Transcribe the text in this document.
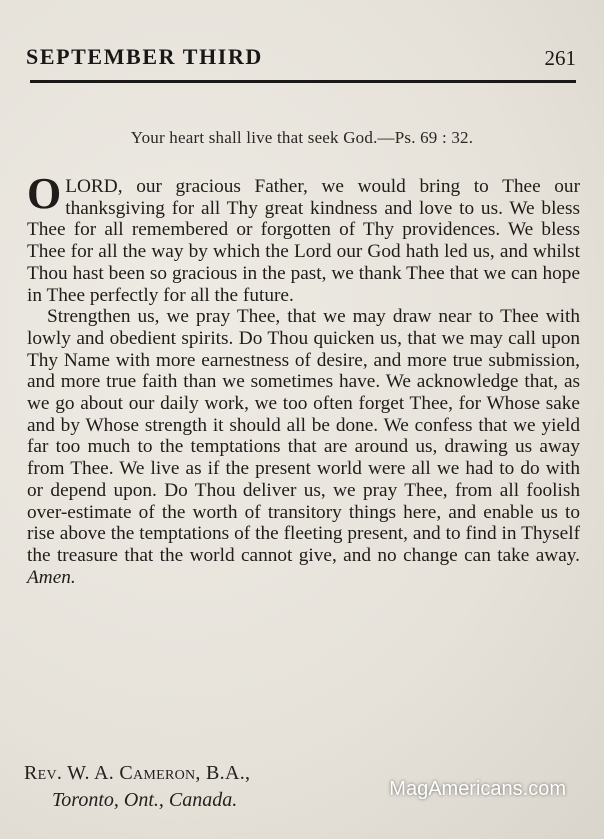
SEPTEMBER THIRD	261
Your heart shall live that seek God.—Ps. 69 : 32.

OLORD, our gracious Father, we would bring to Thee our thanksgiving for all Thy great kindness and love to us. We bless Thee for all remembered or forgotten of Thy providences. We bless Thee for all the way by which the Lord our God hath led us, and whilst Thou hast been so gracious in the past, we thank Thee that we can hope in Thee perfectly for all the future.

Strengthen us, we pray Thee, that we may draw near to Thee with lowly and obedient spirits. Do Thou quicken us, that we may call upon Thy Name with more earnestness of desire, and more true submission, and more true faith than we sometimes have. We acknowledge that, as we go about our daily work, we too often forget Thee, for Whose sake and by Whose strength it should all be done. We confess that we yield far too much to the temptations that are around us, drawing us away from Thee. We live as if the present world were all we had to do with or depend upon. Do Thou deliver us, we pray Thee, from all foolish over-estimate of the worth of transitory things here, and enable us to rise above the temptations of the fleeting present, and to find in Thyself the treasure that the world cannot give, and no change can take away. Amen.

Rev. W. A. Cameron, B.A.,
Toronto, Ont., Canada.	MagAmericans.com
